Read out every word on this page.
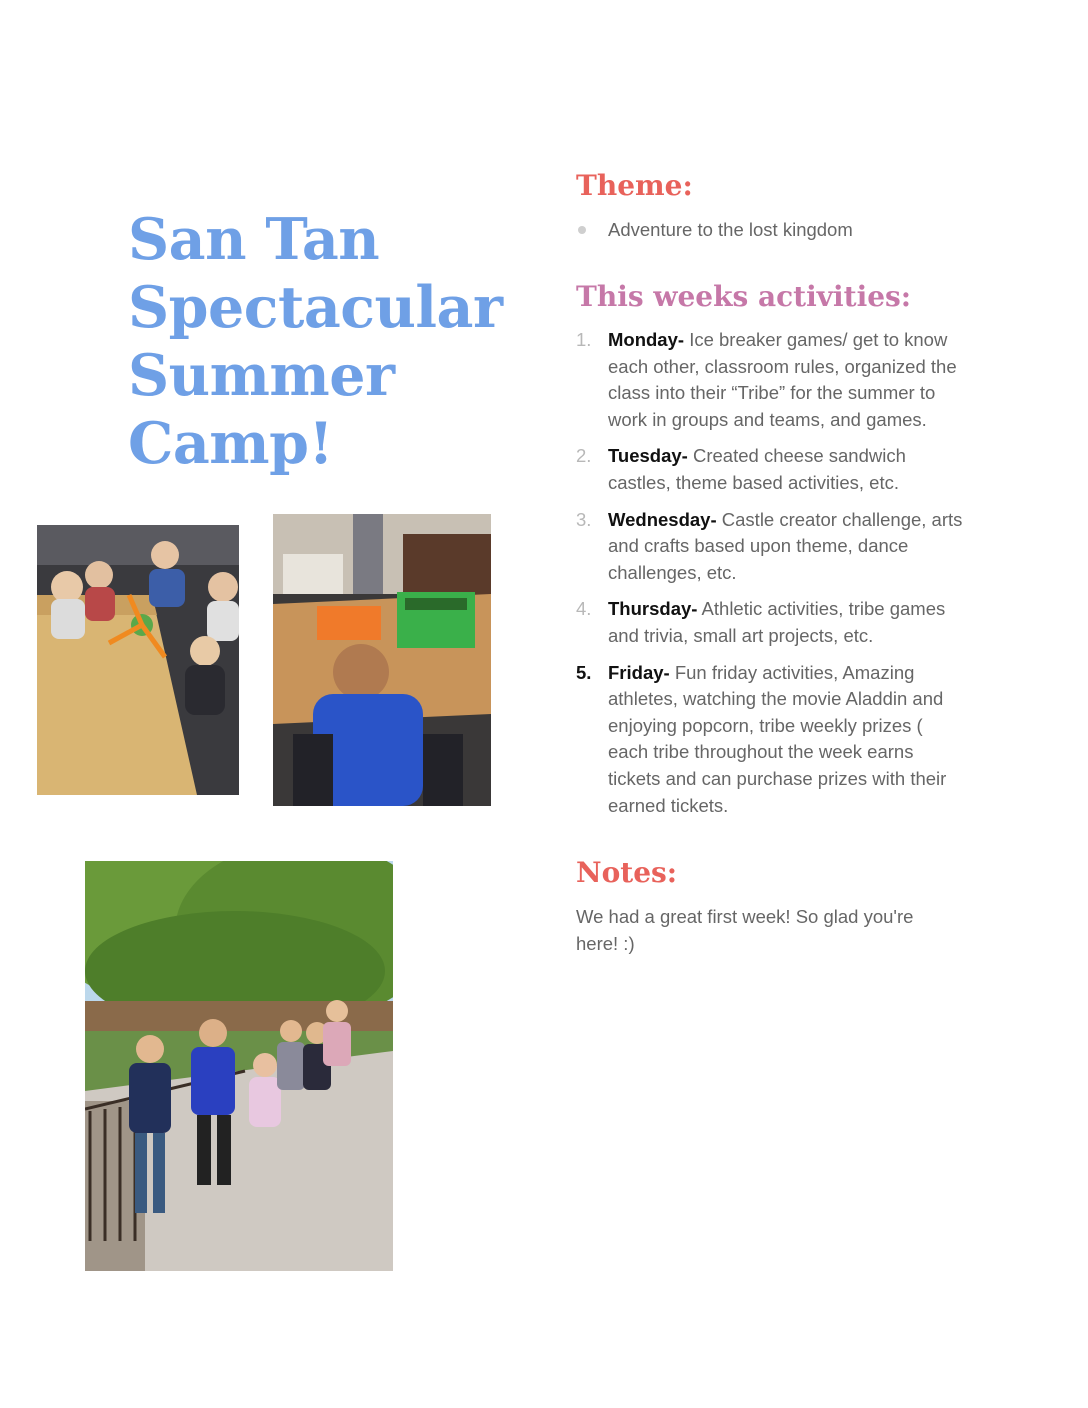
San Tan Spectacular Summer Camp!
Theme:
Adventure to the lost kingdom
This weeks activities:
1. Monday- Ice breaker games/ get to know each other, classroom rules, organized the class into their “Tribe” for the summer to work in groups and teams, and games.
2. Tuesday- Created cheese sandwich castles, theme based activities, etc.
3. Wednesday- Castle creator challenge, arts and crafts based upon theme, dance challenges, etc.
4. Thursday- Athletic activities, tribe games and trivia, small art projects, etc.
5. Friday- Fun friday activities, Amazing athletes, watching the movie Aladdin and enjoying popcorn, tribe weekly prizes ( each tribe throughout the week earns tickets and can purchase prizes with their earned tickets.
Notes:

We had a great first week! So glad you're here! :)
